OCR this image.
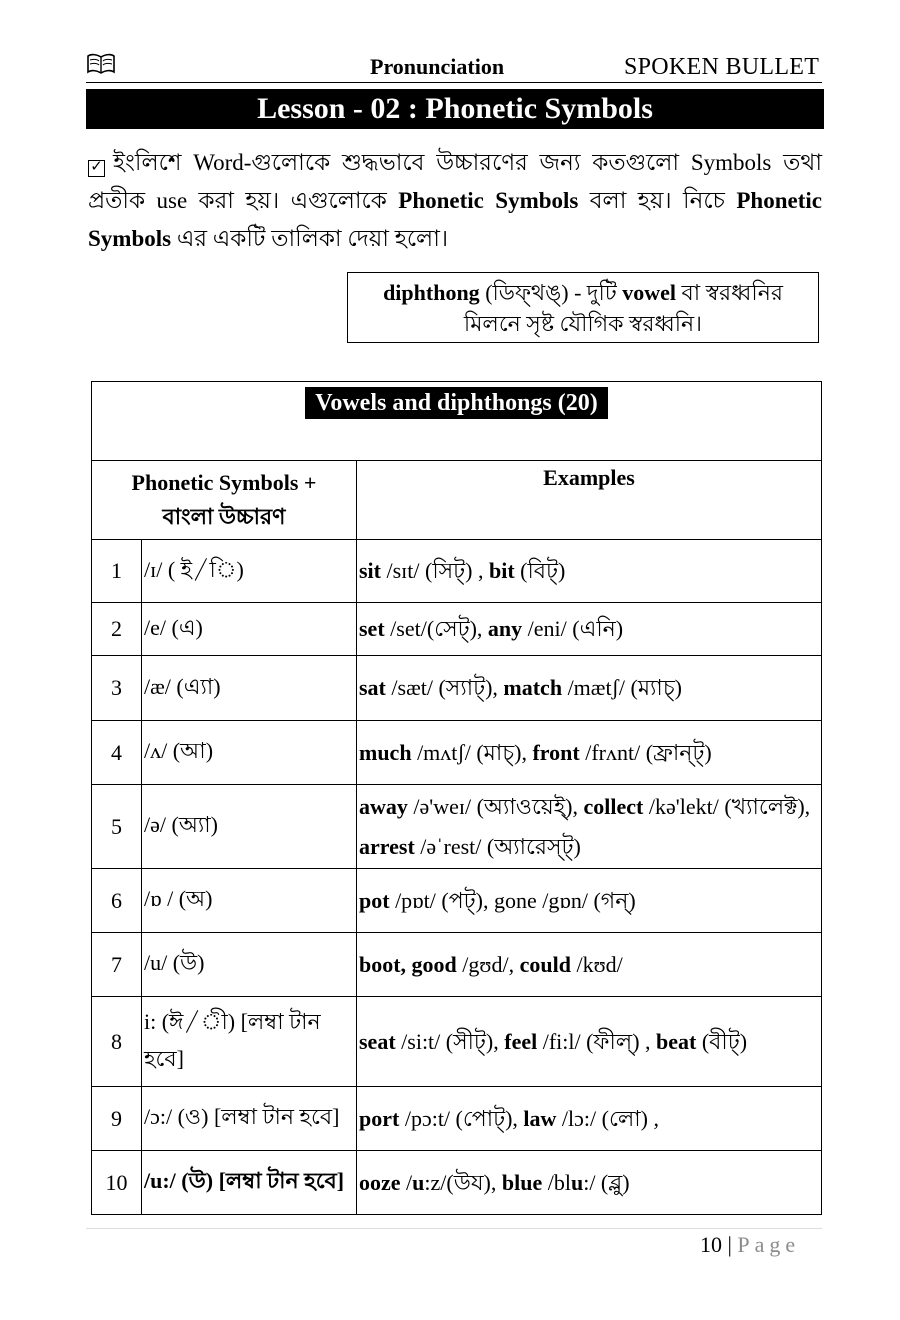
Pronunciation	SPOKEN BULLET
Lesson - 02 : Phonetic Symbols
✓ ইংলিশে Word-গুলোকে শুদ্ধভাবে উচ্চারণের জন্য কতগুলো Symbols তথা প্রতীক use করা হয়। এগুলোকে Phonetic Symbols বলা হয়। নিচে Phonetic Symbols এর একটি তালিকা দেয়া হলো।
diphthong (ডিফ্থঙ্) - দুটি vowel বা স্বরধ্বনির
মিলনে সৃষ্ট যৌগিক স্বরধ্বনি।
Vowels and diphthongs (20)		

Phonetic Symbols +
বাংলা উচ্চারণ		Examples
1	/ɪ/ ( ই/ি)	sit /sɪt/ (সিট্) , bit (বিট্)
2	/e/ (এ)	set /set/(সেট্), any /eni/ (এনি)
3	/æ/ (এ্যা)	sat /sæt/ (স্যাট্), match /mætʃ/ (ম্যাচ্)
4	/ʌ/ (আ)	much /mʌtʃ/ (মাচ্), front /frʌnt/ (ফ্রান্ট্)
5	/ə/ (অ্যা)	away /ə'weɪ/ (অ্যাওয়েই্), collect /kə'lekt/ (খ্যালেক্ট), arrest /əˈrest/ (অ্যারেস্ট্)
6	/ɒ / (অ)	pot /pɒt/ (পট্), gone /gɒn/ (গন্)
7	/u/ (উ)	boot, good /gʊd/, could /kʊd/
8	i: (ঈ/ী) [লম্বা টান হবে]	seat /si:t/ (সীট্), feel /fi:l/ (ফীল্) , beat (বীট্)
9	/ɔ:/ (ও) [লম্বা টান হবে]	port /pɔ:t/ (পোট্), law /lɔ:/ (লো) ,
10	/u:/ (উ) [লম্বা টান হবে]	ooze /u:z/(উয), blue /blu:/ (ব্লু)
10 | Page
